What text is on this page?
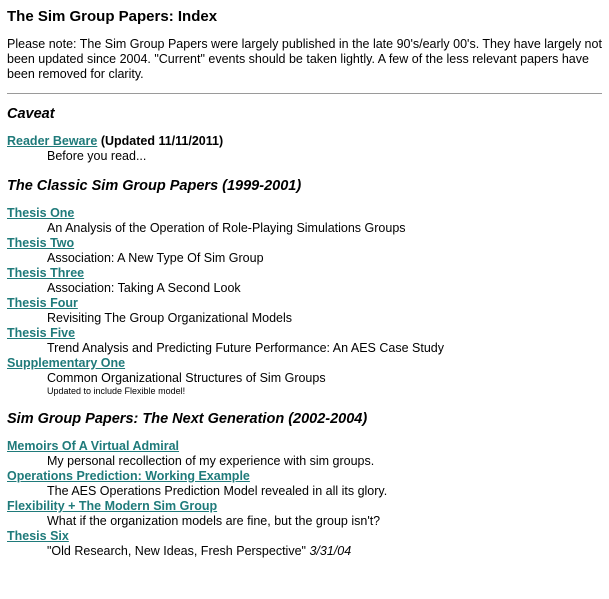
The Sim Group Papers: Index

Please note: The Sim Group Papers were largely published in the late 90's/early 00's. They have largely not been updated since 2004. "Current" events should be taken lightly. A few of the less relevant papers have been removed for clarity.

Caveat
Reader Beware (Updated 11/11/2011)
Before you read...
The Classic Sim Group Papers (1999-2001)
Thesis One
An Analysis of the Operation of Role-Playing Simulations Groups
Thesis Two
Association: A New Type Of Sim Group
Thesis Three
Association: Taking A Second Look
Thesis Four
Revisiting The Group Organizational Models
Thesis Five
Trend Analysis and Predicting Future Performance: An AES Case Study
Supplementary One
Common Organizational Structures of Sim Groups
Updated to include Flexible model!
Sim Group Papers: The Next Generation (2002-2004)
Memoirs Of A Virtual Admiral
My personal recollection of my experience with sim groups.
Operations Prediction: Working Example
The AES Operations Prediction Model revealed in all its glory.
Flexibility + The Modern Sim Group
What if the organization models are fine, but the group isn't?
Thesis Six
"Old Research, New Ideas, Fresh Perspective" 3/31/04
